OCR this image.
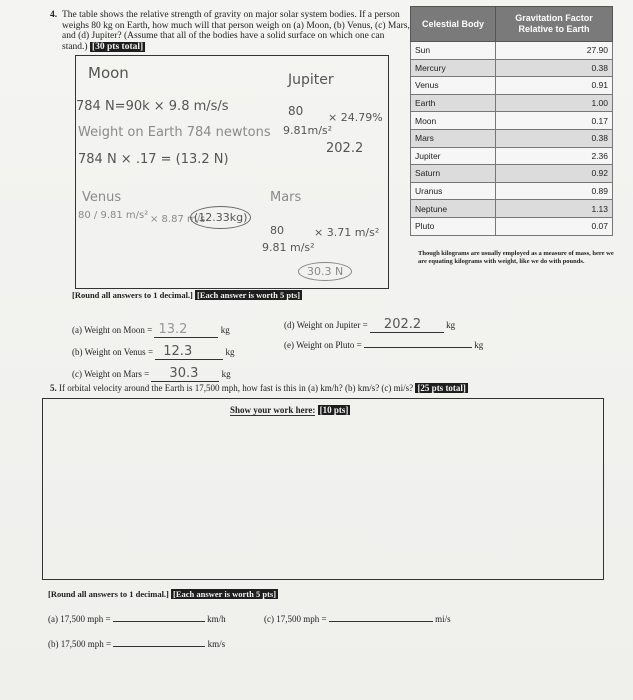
4. The table shows the relative strength of gravity on major solar system bodies. If a person weighs 80 kg on Earth, how much will that person weigh on (a) Moon, (b) Venus, (c) Mars, and (d) Jupiter? (Assume that all of the bodies have a solid surface on which one can stand.) [30 pts total]
Celestial Body	Gravitation Factor Relative to Earth
Sun	27.90
Mercury	0.38
Venus	0.91
Earth	1.00
Moon	0.17
Mars	0.38
Jupiter	2.36
Saturn	0.92
Uranus	0.89
Neptune	1.13
Pluto	0.07
Though kilograms are usually employed as a measure of mass, here we are equating kilograms with weight, like we do with pounds.
Moon	Jupiter
784 N=90k × 9.8 m/s/s
Weight on Earth 784 newtons
80
9.81m/s²
× 24.79%
202.2
784 N × .17 = (13.2 N)
Venus
80 / 9.81 m/s² × 8.87 m/s
(12.33kg)
Mars
80
9.81 m/s²
× 3.71 m/s²
30.3 N
[Round all answers to 1 decimal.] [Each answer is worth 5 pts]
(a) Weight on Moon = 13.2	kg
(b) Weight on Venus = 12.3	kg
(c) Weight on Mars = 30.3	kg
(d) Weight on Jupiter = 202.2	kg
(e) Weight on Pluto =	kg
5. If orbital velocity around the Earth is 17,500 mph, how fast is this in (a) km/h? (b) km/s? (c) mi/s? [25 pts total]
Show your work here: [10 pts]
[Round all answers to 1 decimal.] [Each answer is worth 5 pts]
(a) 17,500 mph =	km/h
(b) 17,500 mph =	km/s
(c) 17,500 mph =	mi/s
